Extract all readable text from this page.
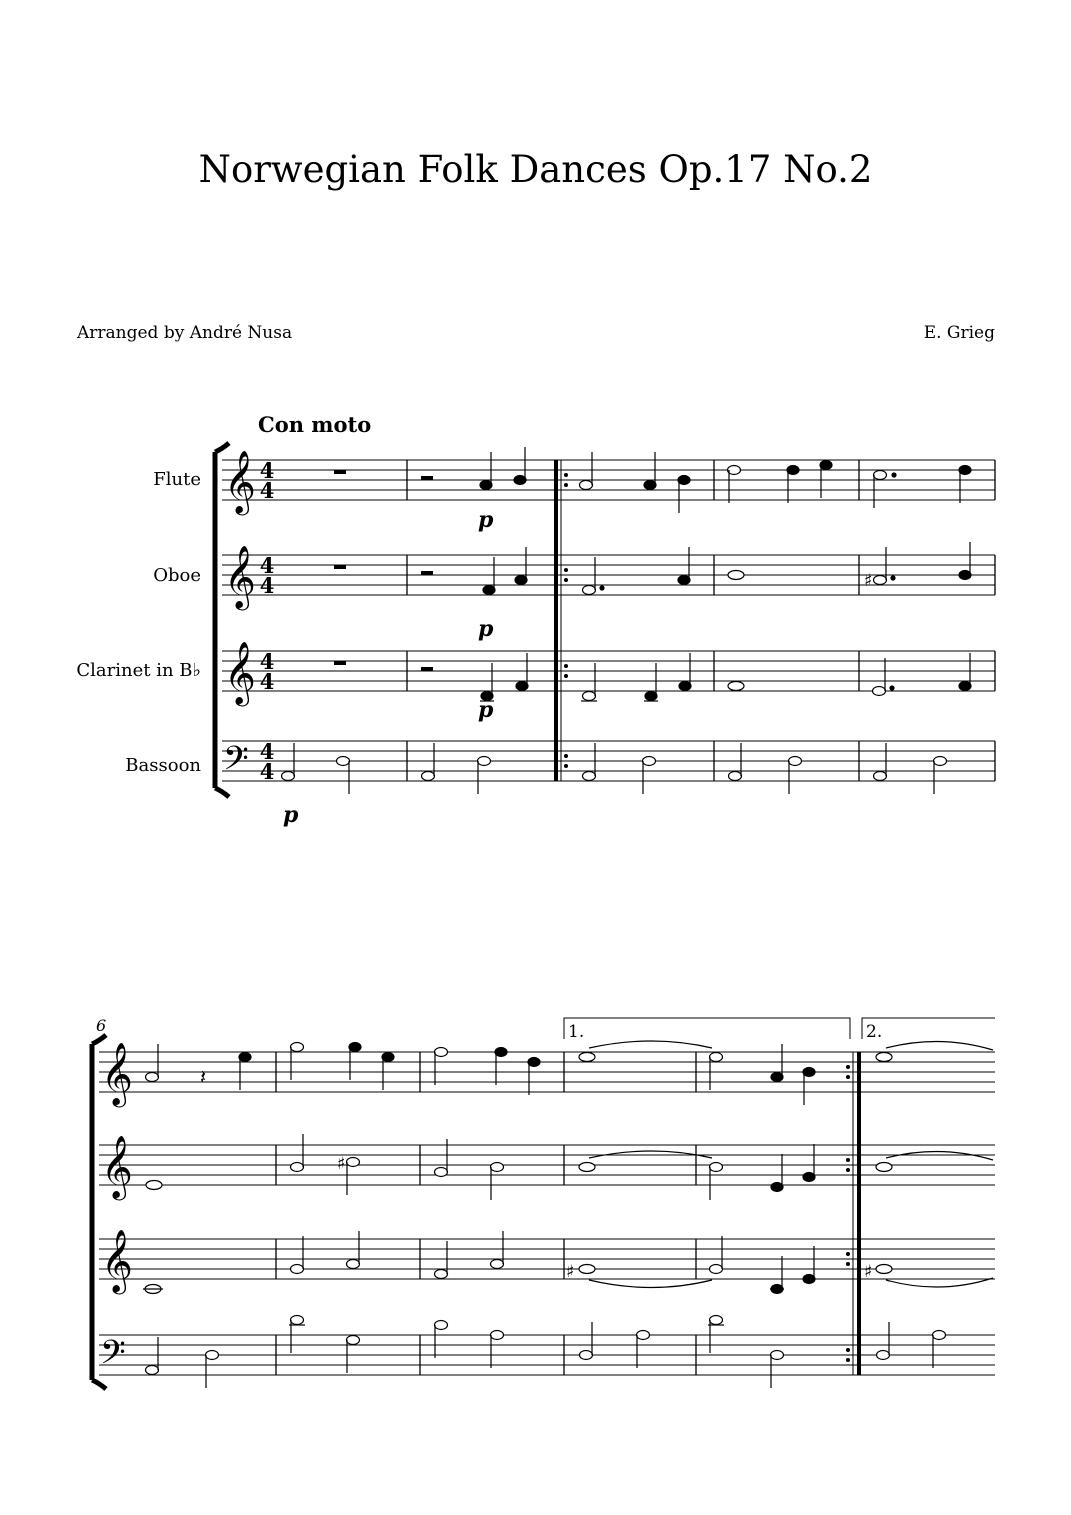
Norwegian Folk Dances Op.17 No.2
Arranged by André Nusa	E. Grieg
Con moto
Flute
Oboe
Clarinet in B♭
Bassoon
𝄞
𝄞
𝄞
𝄢
4
4
4
4
4
4
4
4
♯
p
p
p
p
6
𝄞
𝄞
𝄞
𝄢
1.	2.
𝄽
♯
♯	♯
